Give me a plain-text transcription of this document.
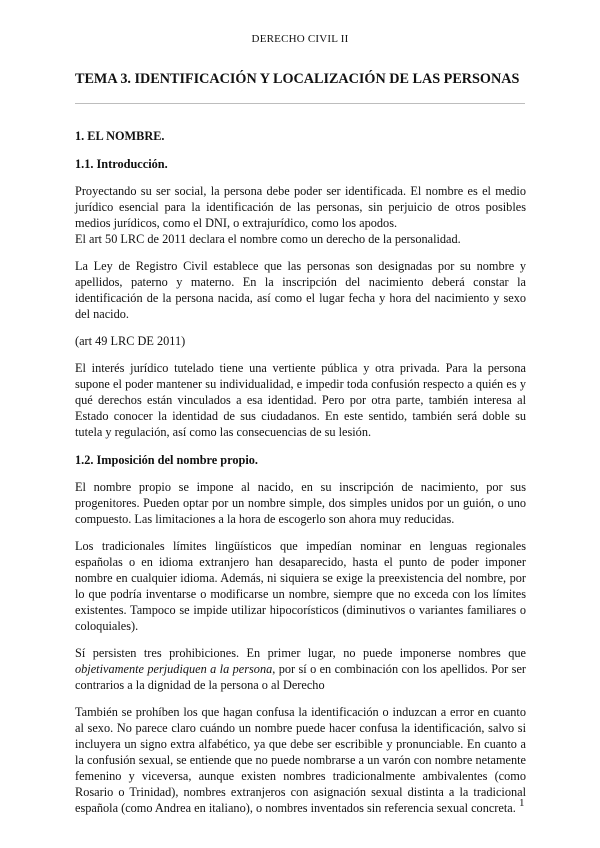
DERECHO CIVIL II
TEMA 3. IDENTIFICACIÓN Y LOCALIZACIÓN DE LAS PERSONAS
1. EL NOMBRE.
1.1. Introducción.

Proyectando su ser social, la persona debe poder ser identificada. El nombre es el medio jurídico esencial para la identificación de las personas, sin perjuicio de otros posibles medios jurídicos, como el DNI, o extrajurídico, como los apodos.

El art 50 LRC de 2011 declara el nombre como un derecho de la personalidad.

La Ley de Registro Civil establece que las personas son designadas por su nombre y apellidos, paterno y materno. En la inscripción del nacimiento deberá constar la identificación de la persona nacida, así como el lugar fecha y hora del nacimiento y sexo del nacido.

(art 49 LRC DE 2011)

El interés jurídico tutelado tiene una vertiente pública y otra privada. Para la persona supone el poder mantener su individualidad, e impedir toda confusión respecto a quién es y qué derechos están vinculados a esa identidad. Pero por otra parte, también interesa al Estado conocer la identidad de sus ciudadanos. En este sentido, también será doble su tutela y regulación, así como las consecuencias de su lesión.

1.2. Imposición del nombre propio.

El nombre propio se impone al nacido, en su inscripción de nacimiento, por sus progenitores. Pueden optar por un nombre simple, dos simples unidos por un guión, o uno compuesto. Las limitaciones a la hora de escogerlo son ahora muy reducidas.

Los tradicionales límites lingüísticos que impedían nominar en lenguas regionales españolas o en idioma extranjero han desaparecido, hasta el punto de poder imponer nombre en cualquier idioma. Además, ni siquiera se exige la preexistencia del nombre, por lo que podría inventarse o modificarse un nombre, siempre que no exceda con los límites existentes. Tampoco se impide utilizar hipocorísticos (diminutivos o variantes familiares o coloquiales).

Sí persisten tres prohibiciones. En primer lugar, no puede imponerse nombres que objetivamente perjudiquen a la persona, por sí o en combinación con los apellidos. Por ser contrarios a la dignidad de la persona o al Derecho

También se prohíben los que hagan confusa la identificación o induzcan a error en cuanto al sexo. No parece claro cuándo un nombre puede hacer confusa la identificación, salvo si incluyera un signo extra alfabético, ya que debe ser escribible y pronunciable. En cuanto a la confusión sexual, se entiende que no puede nombrarse a un varón con nombre netamente femenino y viceversa, aunque existen nombres tradicionalmente ambivalentes (como Rosario o Trinidad), nombres extranjeros con asignación sexual distinta a la tradicional española (como Andrea en italiano), o nombres inventados sin referencia sexual concreta. 1
